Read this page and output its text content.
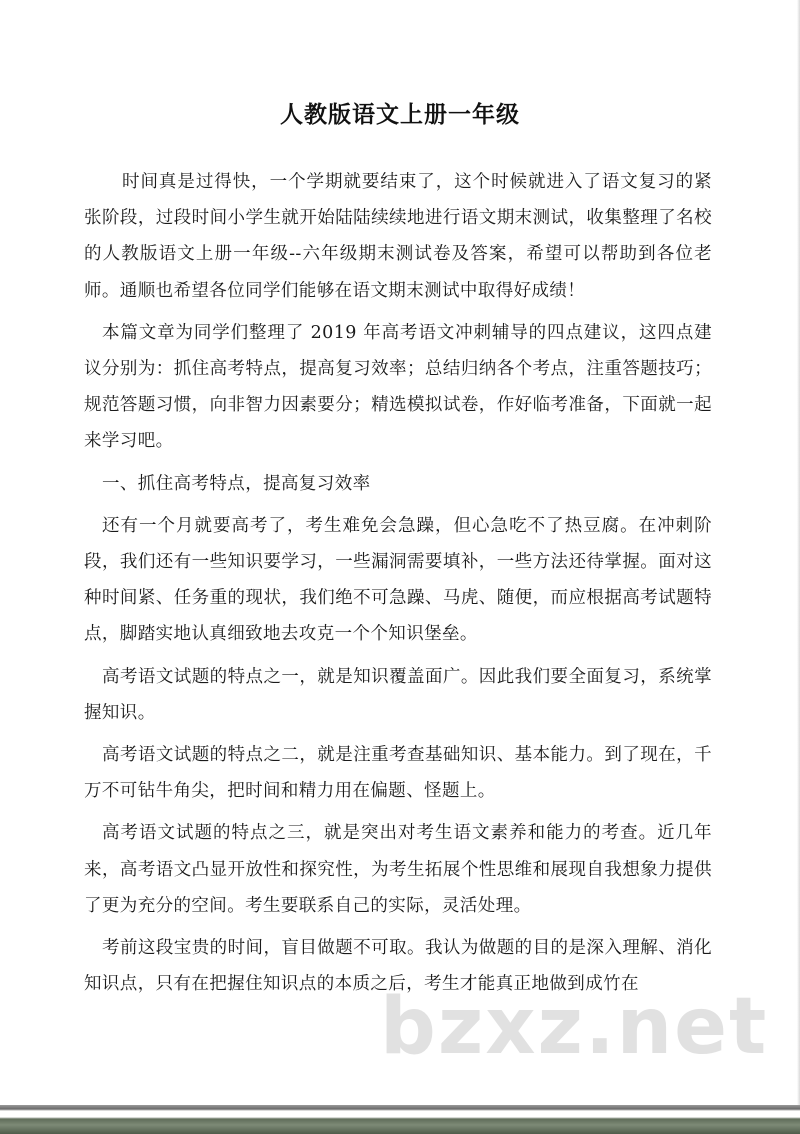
人教版语文上册一年级

时间真是过得快，一个学期就要结束了，这个时候就进入了语文复习的紧张阶段，过段时间小学生就开始陆陆续续地进行语文期末测试，收集整理了名校的人教版语文上册一年级--六年级期末测试卷及答案，希望可以帮助到各位老师。通顺也希望各位同学们能够在语文期末测试中取得好成绩！

本篇文章为同学们整理了 2019 年高考语文冲刺辅导的四点建议，这四点建议分别为：抓住高考特点，提高复习效率；总结归纳各个考点，注重答题技巧；规范答题习惯，向非智力因素要分；精选模拟试卷，作好临考准备，下面就一起来学习吧。

一、抓住高考特点，提高复习效率

还有一个月就要高考了，考生难免会急躁，但心急吃不了热豆腐。在冲刺阶段，我们还有一些知识要学习，一些漏洞需要填补，一些方法还待掌握。面对这种时间紧、任务重的现状，我们绝不可急躁、马虎、随便，而应根据高考试题特点，脚踏实地认真细致地去攻克一个个知识堡垒。

高考语文试题的特点之一，就是知识覆盖面广。因此我们要全面复习，系统掌握知识。

高考语文试题的特点之二，就是注重考查基础知识、基本能力。到了现在，千万不可钻牛角尖，把时间和精力用在偏题、怪题上。

高考语文试题的特点之三，就是突出对考生语文素养和能力的考查。近几年来，高考语文凸显开放性和探究性，为考生拓展个性思维和展现自我想象力提供了更为充分的空间。考生要联系自己的实际，灵活处理。

考前这段宝贵的时间，盲目做题不可取。我认为做题的目的是深入理解、消化知识点，只有在把握住知识点的本质之后，考生才能真正地做到成竹在

bzxz.net
